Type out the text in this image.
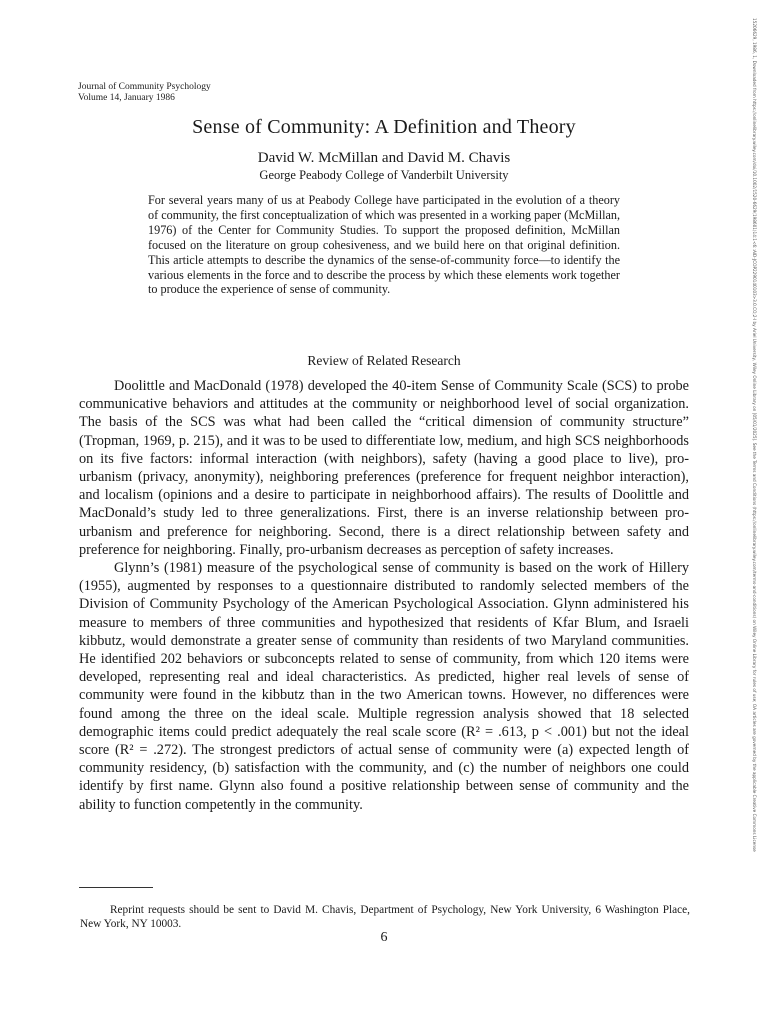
Journal of Community Psychology
Volume 14, January 1986
Sense of Community: A Definition and Theory
David W. McMillan and David M. Chavis
George Peabody College of Vanderbilt University

For several years many of us at Peabody College have participated in the evolution of a theory of community, the first conceptualization of which was presented in a working paper (McMillan, 1976) of the Center for Community Studies. To support the proposed definition, McMillan focused on the literature on group cohesiveness, and we build here on that original definition. This article attempts to describe the dynamics of the sense-of-community force—to identify the various elements in the force and to describe the process by which these elements work together to produce the experience of sense of community.

Review of Related Research

Doolittle and MacDonald (1978) developed the 40-item Sense of Community Scale (SCS) to probe communicative behaviors and attitudes at the community or neighborhood level of social organization. The basis of the SCS was what had been called the “critical dimension of community structure” (Tropman, 1969, p. 215), and it was to be used to differentiate low, medium, and high SCS neighborhoods on its five factors: informal interaction (with neighbors), safety (having a good place to live), pro-urbanism (privacy, anonymity), neighboring preferences (preference for frequent neighbor interaction), and localism (opinions and a desire to participate in neighborhood affairs). The results of Doolittle and MacDonald’s study led to three generalizations. First, there is an inverse relationship between pro-urbanism and preference for neighboring. Second, there is a direct relationship between safety and preference for neighboring. Finally, pro-urbanism decreases as perception of safety increases.

Glynn’s (1981) measure of the psychological sense of community is based on the work of Hillery (1955), augmented by responses to a questionnaire distributed to randomly selected members of the Division of Community Psychology of the American Psychological Association. Glynn administered his measure to members of three communities and hypothesized that residents of Kfar Blum, and Israeli kibbutz, would demonstrate a greater sense of community than residents of two Maryland communities. He identified 202 behaviors or subconcepts related to sense of community, from which 120 items were developed, representing real and ideal characteristics. As predicted, higher real levels of sense of community were found in the kibbutz than in the two American towns. However, no differences were found among the three on the ideal scale. Multiple regression analysis showed that 18 selected demographic items could predict adequately the real scale score (R² = .613, p < .001) but not the ideal score (R² = .272). The strongest predictors of actual sense of community were (a) expected length of community residency, (b) satisfaction with the community, and (c) the number of neighbors one could identify by first name. Glynn also found a positive relationship between sense of community and the ability to function competently in the community.

Reprint requests should be sent to David M. Chavis, Department of Psychology, New York University, 6 Washington Place, New York, NY 10003.

6
15206629, 1986, 1, Downloaded from https://onlinelibrary.wiley.com/doi/10.1002/1520-6629(198601)14:1<6::AID-JCOP2290140103>3.0.CO;2-I by Ariel University, Wiley Online Library on [05/01/2025]. See the Terms and Conditions (https://onlinelibrary.wiley.com/terms-and-conditions) on Wiley Online Library for rules of use; OA articles are governed by the applicable Creative Commons License
